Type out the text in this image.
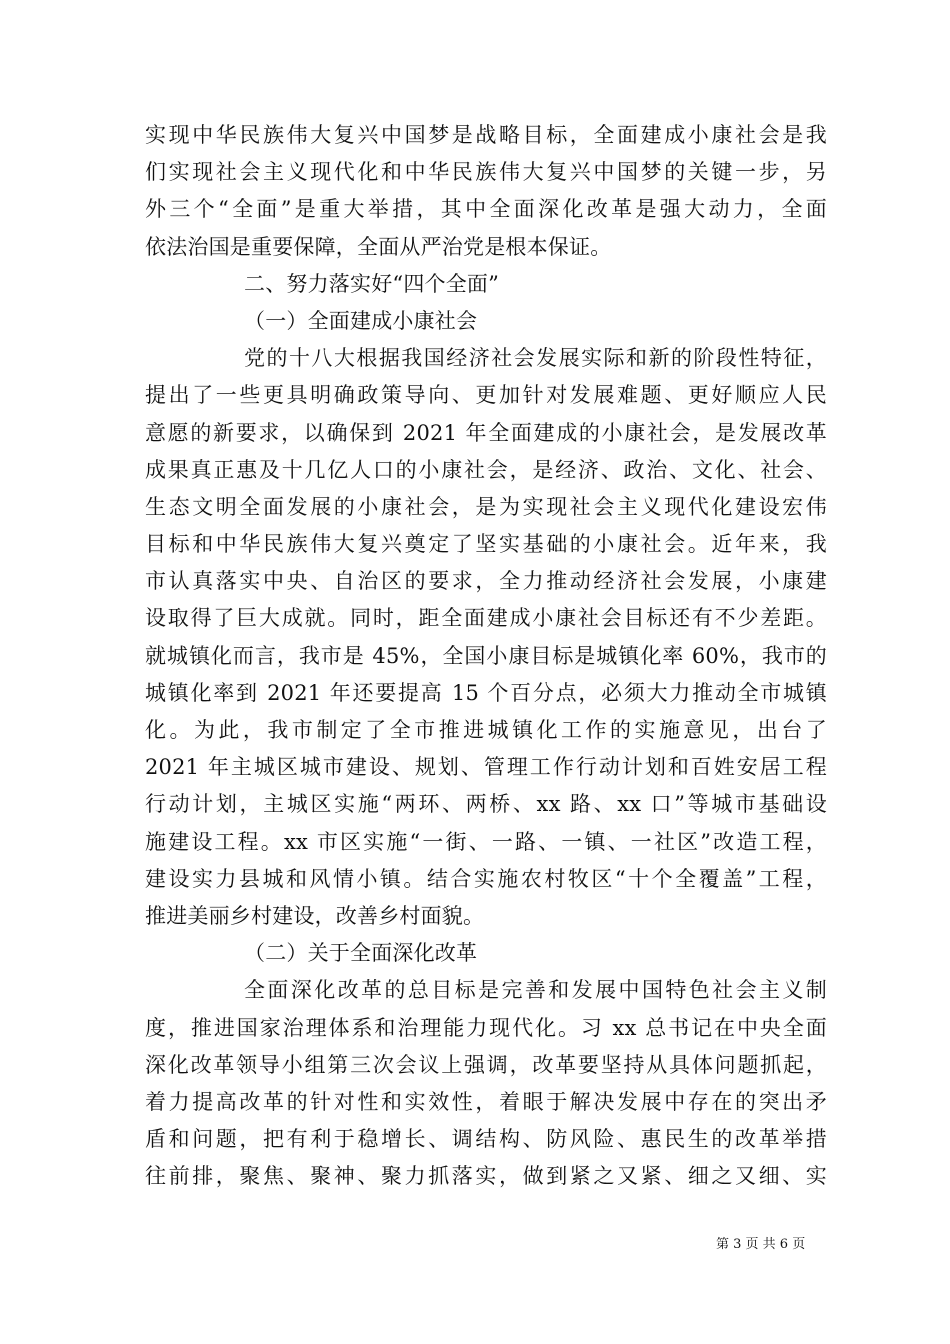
实现中华民族伟大复兴中国梦是战略目标，全面建成小康社会是我
们实现社会主义现代化和中华民族伟大复兴中国梦的关键一步，另
外三个“全面”是重大举措，其中全面深化改革是强大动力，全面
依法治国是重要保障，全面从严治党是根本保证。
二、努力落实好“四个全面”
（一）全面建成小康社会
党的十八大根据我国经济社会发展实际和新的阶段性特征，
提出了一些更具明确政策导向、更加针对发展难题、更好顺应人民
意愿的新要求，以确保到 2021 年全面建成的小康社会，是发展改革
成果真正惠及十几亿人口的小康社会，是经济、政治、文化、社会、
生态文明全面发展的小康社会，是为实现社会主义现代化建设宏伟
目标和中华民族伟大复兴奠定了坚实基础的小康社会。近年来，我
市认真落实中央、自治区的要求，全力推动经济社会发展，小康建
设取得了巨大成就。同时，距全面建成小康社会目标还有不少差距。
就城镇化而言，我市是 45%，全国小康目标是城镇化率 60%，我市的
城镇化率到 2021 年还要提高 15 个百分点，必须大力推动全市城镇
化。为此，我市制定了全市推进城镇化工作的实施意见，出台了
2021 年主城区城市建设、规划、管理工作行动计划和百姓安居工程
行动计划，主城区实施“两环、两桥、xx 路、xx 口”等城市基础设
施建设工程。xx 市区实施“一街、一路、一镇、一社区”改造工程，
建设实力县城和风情小镇。结合实施农村牧区“十个全覆盖”工程，
推进美丽乡村建设，改善乡村面貌。
（二）关于全面深化改革
全面深化改革的总目标是完善和发展中国特色社会主义制
度，推进国家治理体系和治理能力现代化。习 xx 总书记在中央全面
深化改革领导小组第三次会议上强调，改革要坚持从具体问题抓起，
着力提高改革的针对性和实效性，着眼于解决发展中存在的突出矛
盾和问题，把有利于稳增长、调结构、防风险、惠民生的改革举措
往前排，聚焦、聚神、聚力抓落实，做到紧之又紧、细之又细、实
第 3 页 共 6 页
